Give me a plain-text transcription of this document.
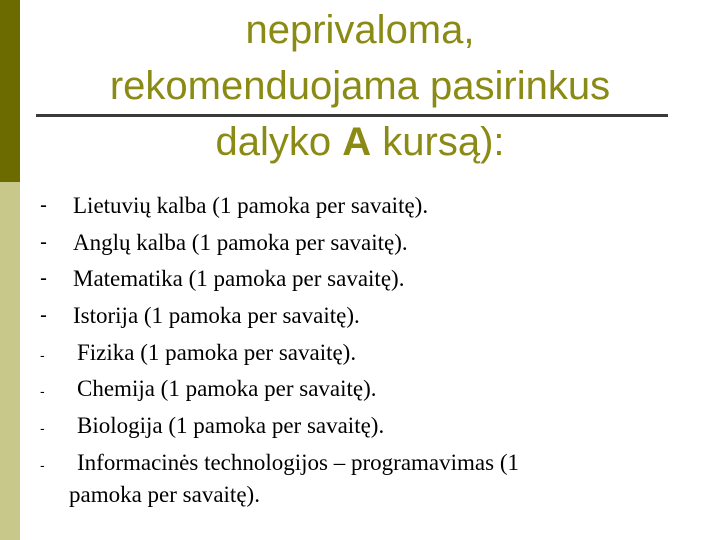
neprivaloma,
rekomenduojama pasirinkus
dalyko A kursą):
-	Lietuvių kalba (1 pamoka per savaitę).
-	Anglų kalba (1 pamoka per savaitę).
-	Matematika (1 pamoka per savaitę).
-	Istorija (1 pamoka per savaitę).
-	Fizika (1 pamoka per savaitę).
-	Chemija (1 pamoka per savaitę).
-	Biologija (1 pamoka per savaitę).
-	Informacinės technologijos – programavimas (1
pamoka per savaitę).
